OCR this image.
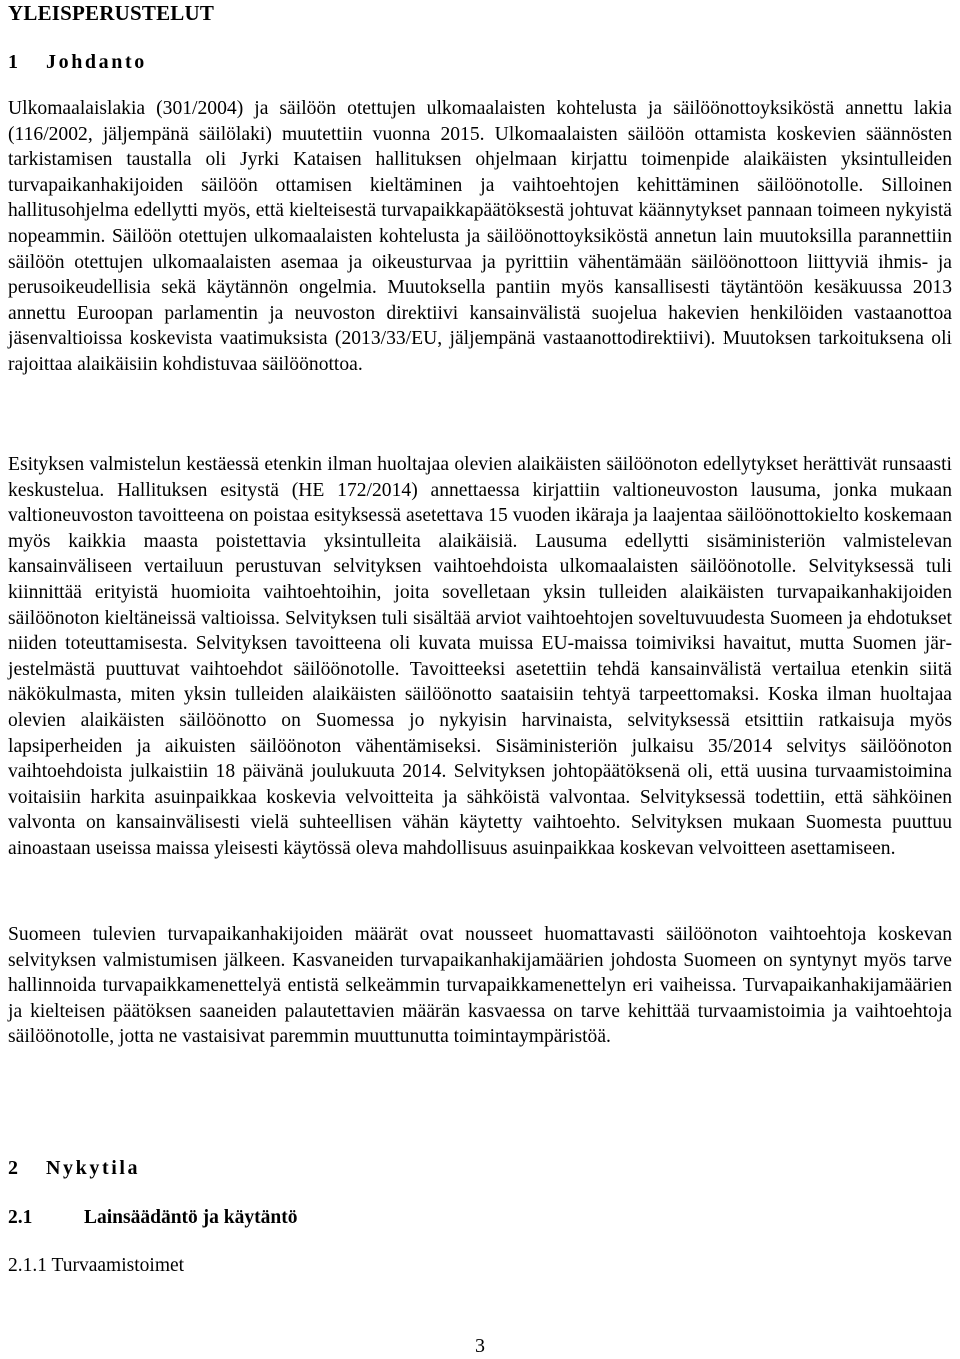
YLEISPERUSTELUT
1 Johdanto

Ulkomaalaislakia (301/2004) ja säilöön otettujen ulkomaalaisten kohtelusta ja säilöönottoyksiköstä annettu lakia (116/2002, jäljempänä säilölaki) muutettiin vuonna 2015. Ulkomaalaisten säilöön ottamista koskevien säännösten tarkistamisen taustalla oli Jyrki Kataisen hallituksen ohjelmaan kirjattu toimenpide alaikäisten yksintulleiden turvapaikanhakijoiden säilöön ottamisen kieltäminen ja vaihtoehtojen kehittäminen säilöönotolle. Silloinen hallitusohjelma edellytti myös, että kielteisestä turvapaikkapäätöksestä johtuvat käännytykset pannaan toimeen nykyistä nopeammin. Säilöön otettujen ulkomaalaisten kohtelusta ja säilöönottoyksiköstä annetun lain muutoksilla parannettiin säilöön otettujen ulkomaalaisten asemaa ja oikeusturvaa ja pyrittiin vähentämään säilöönottoon liittyviä ihmis- ja perusoikeudellisia sekä käytännön ongelmia. Muutoksella pantiin myös kansallisesti täytäntöön kesäkuussa 2013 annettu Euroopan parlamentin ja neuvoston direktiivi kansainvälistä suojelua hakevien henkilöiden vastaanottoa jäsenvaltioissa koskevista vaatimuksista (2013/33/EU, jäljempänä vastaanottodirektiivi). Muutoksen tarkoituksena oli rajoittaa alaikäisiin kohdistuvaa säilöönottoa.

Esityksen valmistelun kestäessä etenkin ilman huoltajaa olevien alaikäisten säilöönoton edellytykset herättivät runsaasti keskustelua. Hallituksen esitystä (HE 172/2014) annettaessa kirjattiin valtioneuvoston lausuma, jonka mukaan valtioneuvoston tavoitteena on poistaa esityksessä asetettava 15 vuoden ikäraja ja laajentaa säilöönottokielto koskemaan myös kaikkia maasta poistettavia yksintulleita alaikäisiä. Lausuma edellytti sisäministeriön valmistelevan kansainväliseen vertailuun perustuvan selvityksen vaihtoehdoista ulkomaalaisten säilöönotolle. Selvityksessä tuli kiinnittää erityistä huomioita vaihtoehtoihin, joita sovelletaan yksin tulleiden alaikäisten turvapaikanhakijoiden säilöönoton kieltäneissä valtioissa. Selvityksen tuli sisältää arviot vaihtoehtojen soveltuvuudesta Suomeen ja ehdotukset niiden toteuttamisesta. Selvityksen tavoitteena oli kuvata muissa EU-maissa toimiviksi havaitut, mutta Suomen järjestelmästä puuttuvat vaihtoehdot säilöönotolle. Tavoitteeksi asetettiin tehdä kansainvälistä vertailua etenkin siitä näkökulmasta, miten yksin tulleiden alaikäisten säilöönotto saataisiin tehtyä tarpeettomaksi. Koska ilman huoltajaa olevien alaikäisten säilöönotto on Suomessa jo nykyisin harvinaista, selvityksessä etsittiin ratkaisuja myös lapsiperheiden ja aikuisten säilöönoton vähentämiseksi. Sisäministeriön julkaisu 35/2014 selvitys säilöönoton vaihtoehdoista julkaistiin 18 päivänä joulukuuta 2014. Selvityksen johtopäätöksenä oli, että uusina turvaamistoimina voitaisiin harkita asuinpaikkaa koskevia velvoitteita ja sähköistä valvontaa. Selvityksessä todettiin, että sähköinen valvonta on kansainvälisesti vielä suhteellisen vähän käytetty vaihtoehto. Selvityksen mukaan Suomesta puuttuu ainoastaan useissa maissa yleisesti käytössä oleva mahdollisuus asuinpaikkaa koskevan velvoitteen asettamiseen.

Suomeen tulevien turvapaikanhakijoiden määrät ovat nousseet huomattavasti säilöönoton vaihtoehtoja koskevan selvityksen valmistumisen jälkeen. Kasvaneiden turvapaikanhakijamäärien johdosta Suomeen on syntynyt myös tarve hallinnoida turvapaikkamenettelyä entistä selkeämmin turvapaikkamenettelyn eri vaiheissa. Turvapaikanhakijamäärien ja kielteisen päätöksen saaneiden palautettavien määrän kasvaessa on tarve kehittää turvaamistoimia ja vaihtoehtoja säilöönotolle, jotta ne vastaisivat paremmin muuttunutta toimintaympäristöä.

2 Nykytila
2.1	Lainsäädäntö ja käytäntö
2.1.1 Turvaamistoimet
3
